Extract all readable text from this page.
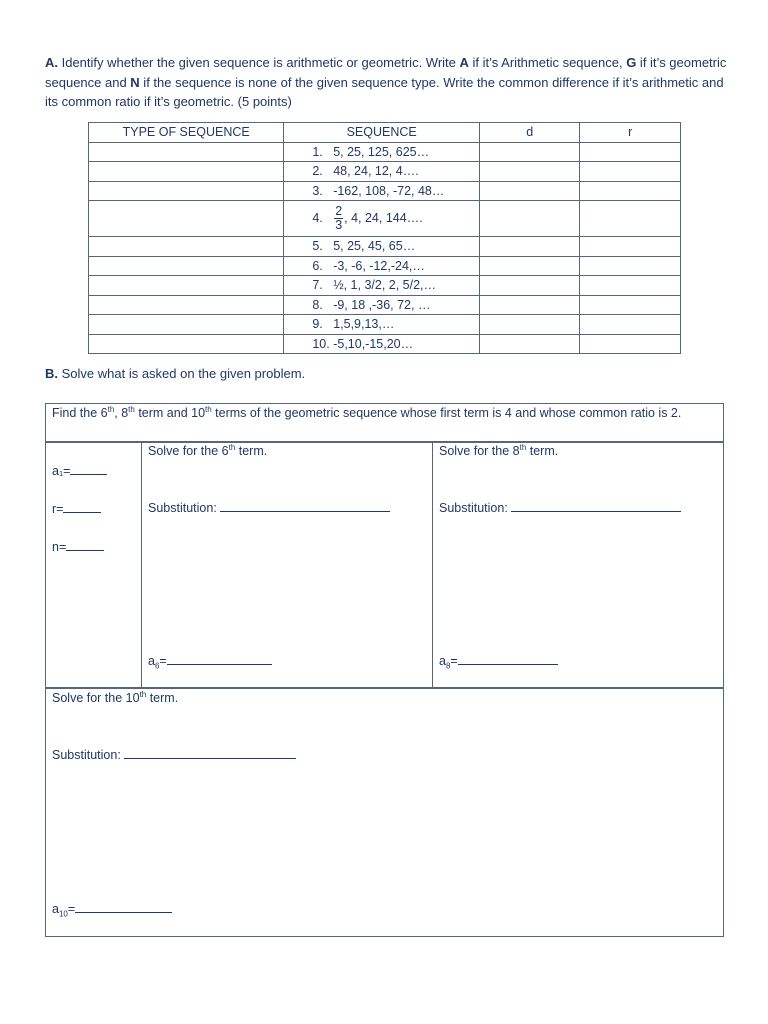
A. Identify whether the given sequence is arithmetic or geometric. Write A if it’s Arithmetic sequence, G if it’s geometric sequence and N if the sequence is none of the given sequence type. Write the common difference if it’s arithmetic and its common ratio if it’s geometric. (5 points)
TYPE OF SEQUENCE	SEQUENCE	d	r
	1. 5, 25, 125, 625…		
	2. 48, 24, 12, 4….		
	3. -162, 108, -72, 48…		
	4. $\frac{2}{3}$ , 4, 24, 144….		
	5. 5, 25, 45, 65…		
	6. -3, -6, -12,-24,…		
	7. ½, 1, 3/2, 2, 5/2,…		
	8. -9, 18 ,-36, 72, …		
	9. 1,5,9,13,…		
	10. -5,10,-15,20…		
B. Solve what is asked on the given problem.
Find the 6th, 8th term and 10th terms of the geometric sequence whose first term is 4 and whose common ratio is 2.
a₁=
r=
n=
Solve for the 6th term.
Substitution:
$a_6=$
Solve for the 8th term.
Substitution:
$a_8=$
Solve for the 10th term.
Substitution:
$a_{10}=$
